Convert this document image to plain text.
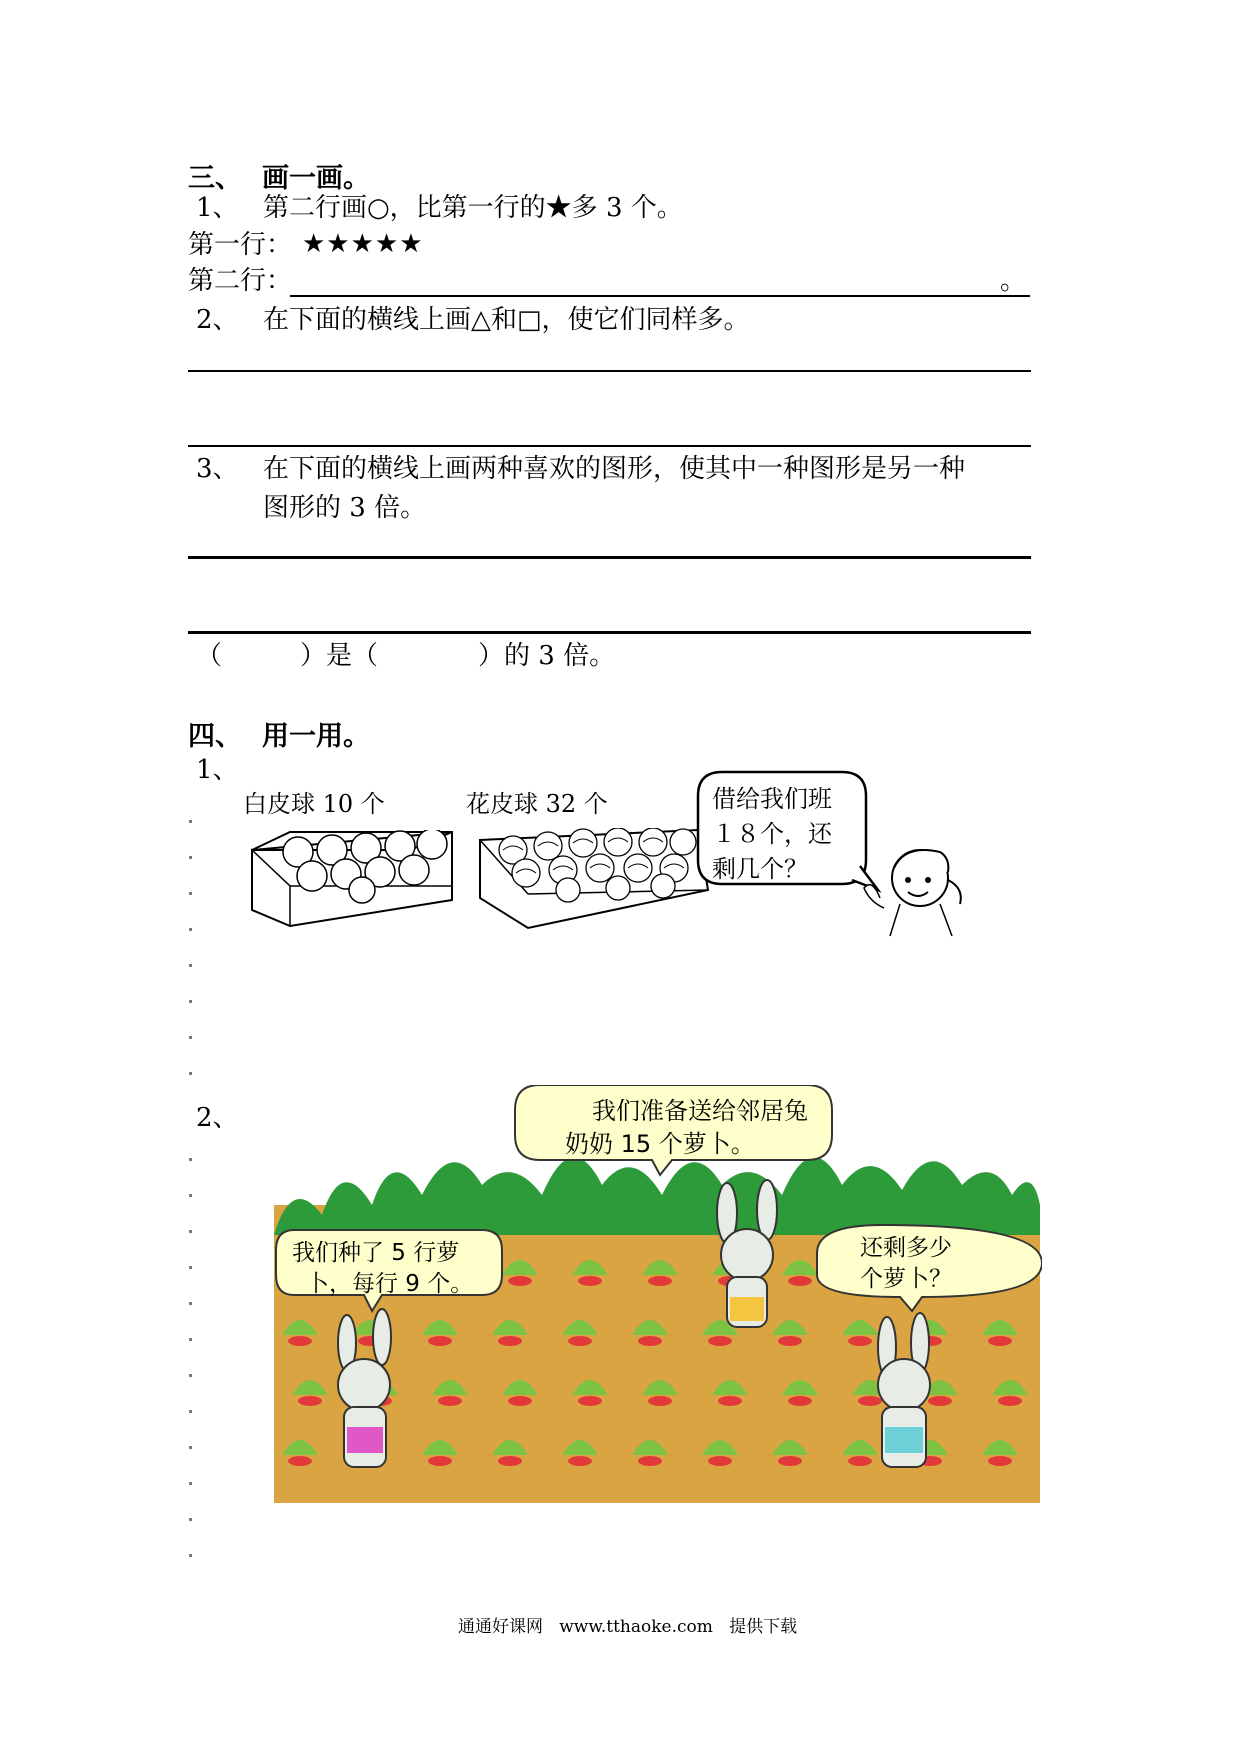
三、 画一画。
1、 第二行画○，比第一行的★多 3 个。
第一行： ★★★★★
第二行：	。
2、 在下面的横线上画△和□，使它们同样多。
3、 在下面的横线上画两种喜欢的图形，使其中一种图形是另一种
图形的 3 倍。
（	）是（	）的 3 倍。
四、 用一用。
1、
白皮球 10 个	花皮球 32 个	借给我们班
１８个，还
剩几个？
2、	我们准备送给邻居兔
奶奶 15 个萝卜。
我们种了 5 行萝
卜，每行 9 个。
还剩多少
个萝卜？
通通好课网 www.tthaoke.com 提供下载
